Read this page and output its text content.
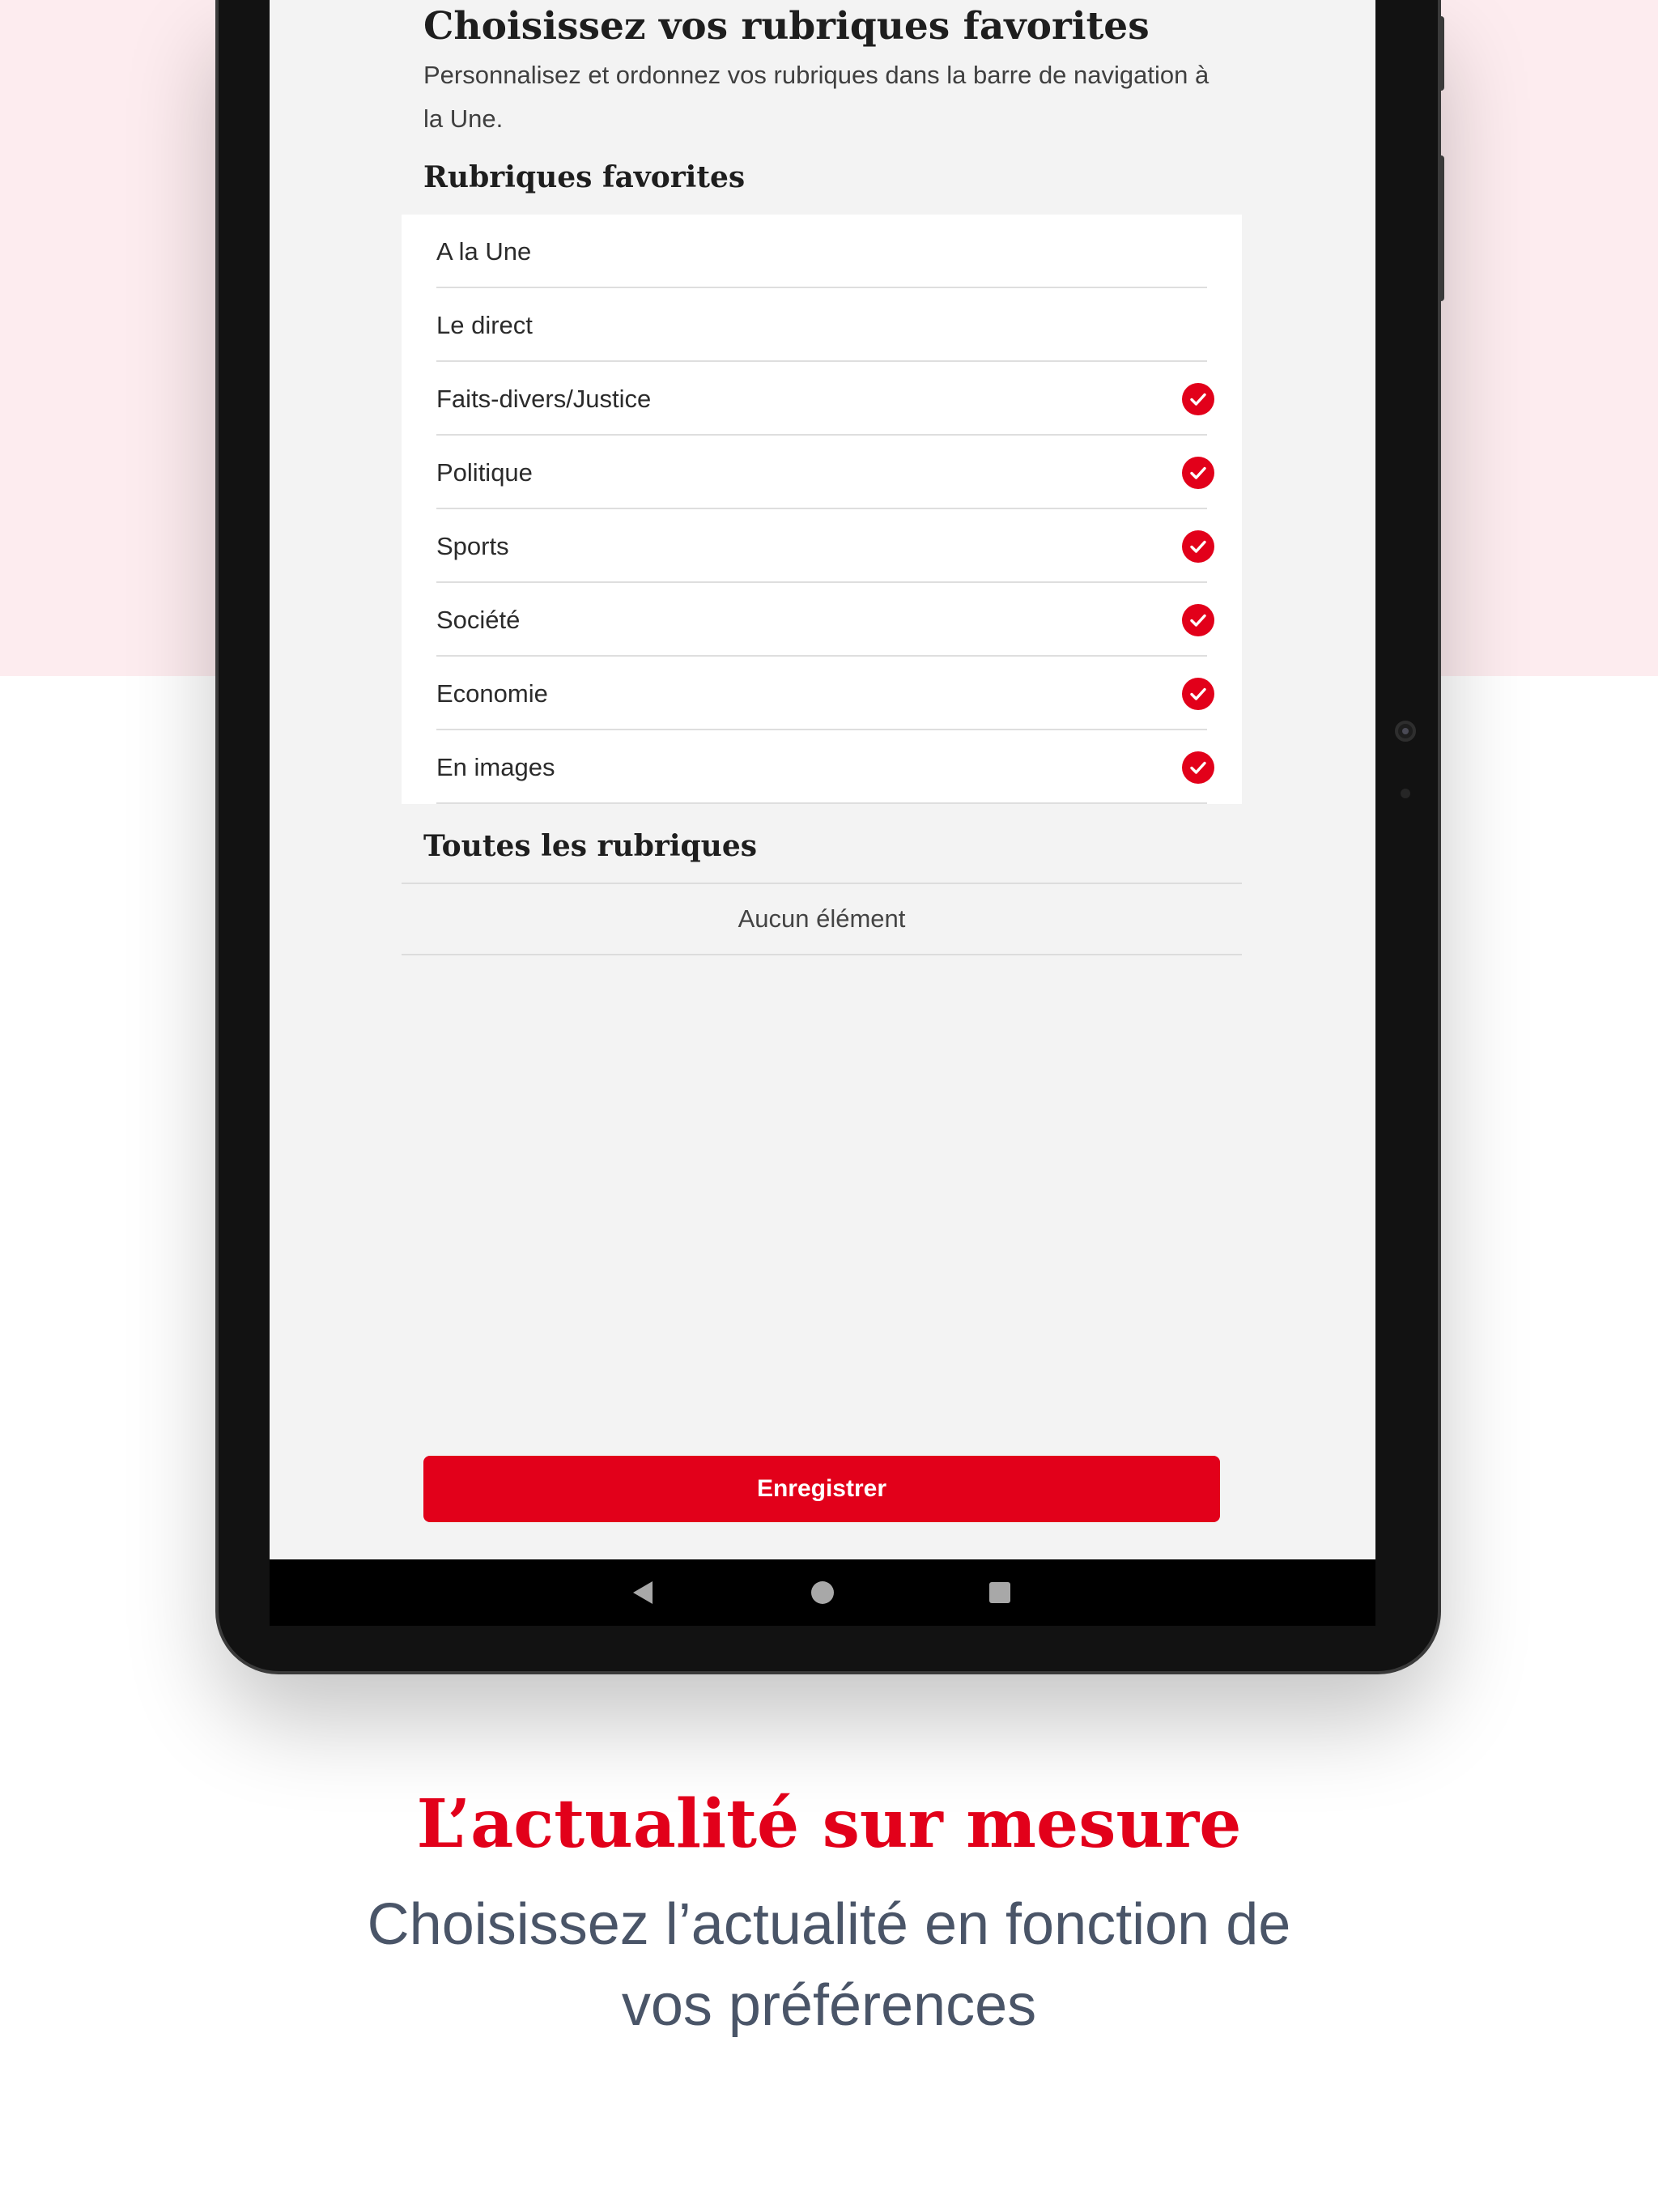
Choisissez vos rubriques favorites

Personnalisez et ordonnez vos rubriques dans la barre de navigation à la Une.

Rubriques favorites
A la Une
Le direct
Faits-divers/Justice
Politique
Sports
Société
Economie
En images
Toutes les rubriques
Aucun élément
Enregistrer
L’actualité sur mesure

Choisissez l’actualité en fonction de vos préférences
